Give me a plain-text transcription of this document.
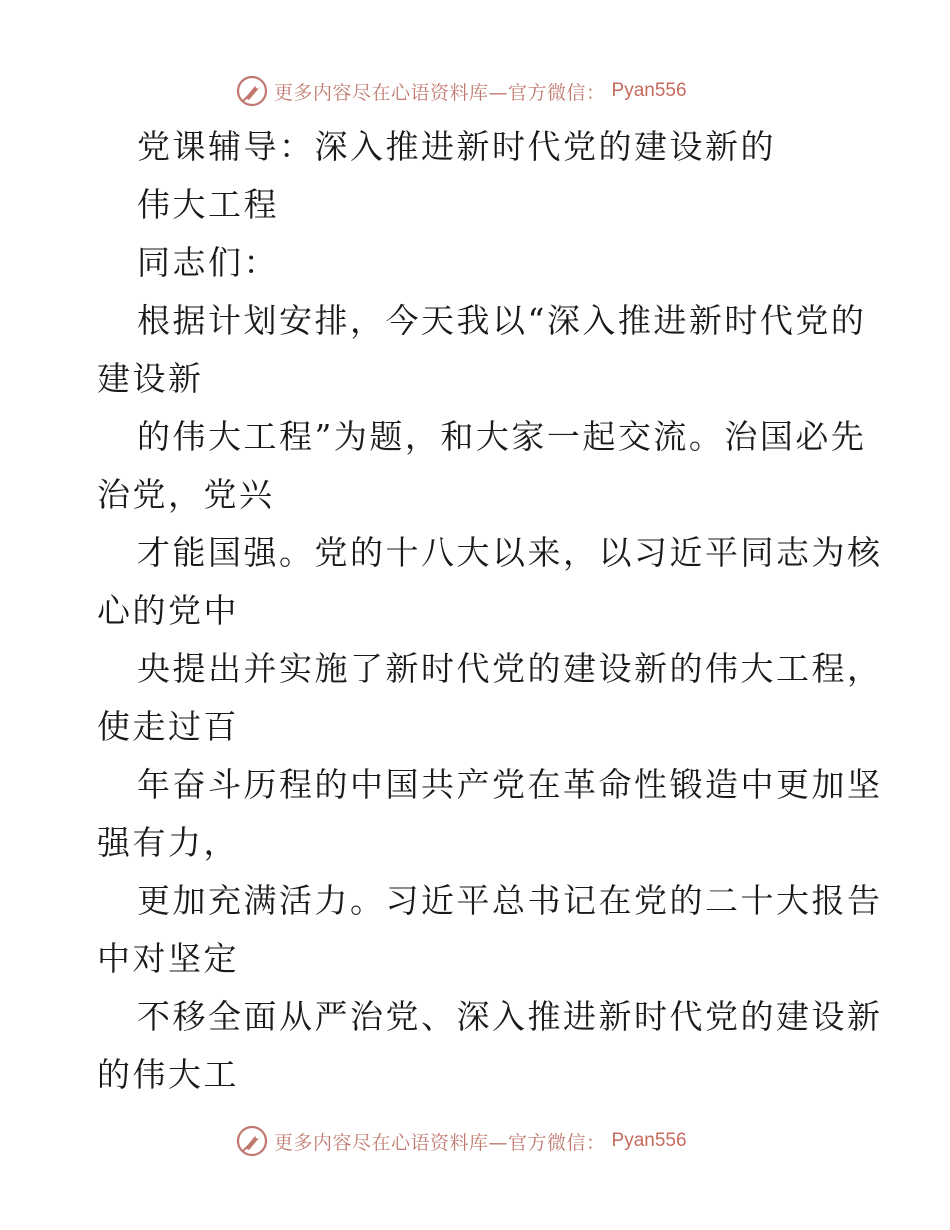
更多内容尽在心语资料库—官方微信： Pyan556
党课辅导：深入推进新时代党的建设新的
伟大工程
同志们：
根据计划安排，今天我以“深入推进新时代党的
建设新
的伟大工程”为题，和大家一起交流。治国必先
治党，党兴
才能国强。党的十八大以来，以习近平同志为核
心的党中
央提出并实施了新时代党的建设新的伟大工程，
使走过百
年奋斗历程的中国共产党在革命性锻造中更加坚
强有力，
更加充满活力。习近平总书记在党的二十大报告
中对坚定
不移全面从严治党、深入推进新时代党的建设新
的伟大工
更多内容尽在心语资料库—官方微信： Pyan556
